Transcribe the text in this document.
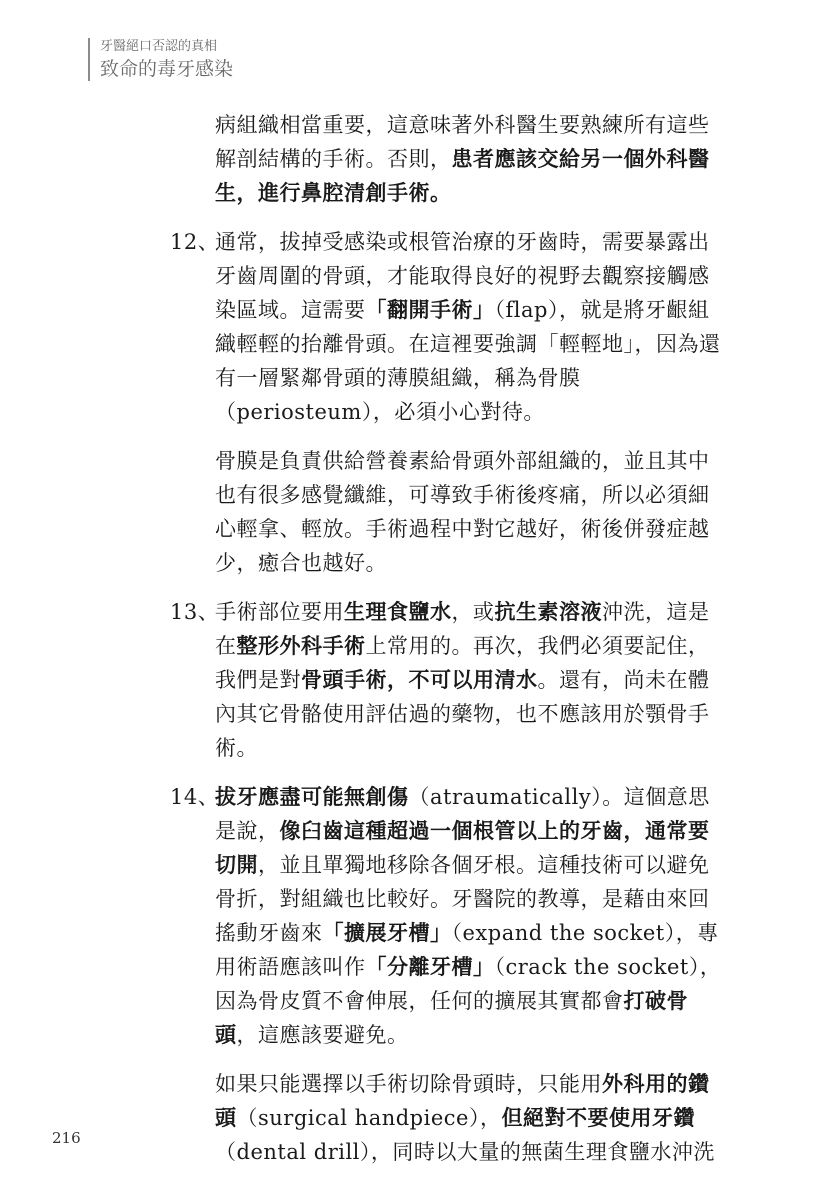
牙醫絕口否認的真相
致命的毒牙感染

病組織相當重要，這意味著外科醫生要熟練所有這些解剖結構的手術。否則，患者應該交給另一個外科醫生，進行鼻腔清創手術。

12、
通常，拔掉受感染或根管治療的牙齒時，需要暴露出牙齒周圍的骨頭，才能取得良好的視野去觀察接觸感染區域。這需要「翻開手術」（flap），就是將牙齦組織輕輕的抬離骨頭。在這裡要強調「輕輕地」，因為還有一層緊鄰骨頭的薄膜組織，稱為骨膜（periosteum），必須小心對待。

骨膜是負責供給營養素給骨頭外部組織的，並且其中也有很多感覺纖維，可導致手術後疼痛，所以必須細心輕拿、輕放。手術過程中對它越好，術後併發症越少，癒合也越好。

13、
手術部位要用生理食鹽水，或抗生素溶液沖洗，這是在整形外科手術上常用的。再次，我們必須要記住，我們是對骨頭手術，不可以用清水。還有，尚未在體內其它骨骼使用評估過的藥物，也不應該用於顎骨手術。
14、
拔牙應盡可能無創傷（atraumatically）。這個意思是說，像臼齒這種超過一個根管以上的牙齒，通常要切開，並且單獨地移除各個牙根。這種技術可以避免骨折，對組織也比較好。牙醫院的教導，是藉由來回搖動牙齒來「擴展牙槽」（expand the socket），專用術語應該叫作「分離牙槽」（crack the socket），因為骨皮質不會伸展，任何的擴展其實都會打破骨頭，這應該要避免。

如果只能選擇以手術切除骨頭時，只能用外科用的鑽頭（surgical handpiece），但絕對不要使用牙鑽（dental drill），同時以大量的無菌生理食鹽水沖洗

216
